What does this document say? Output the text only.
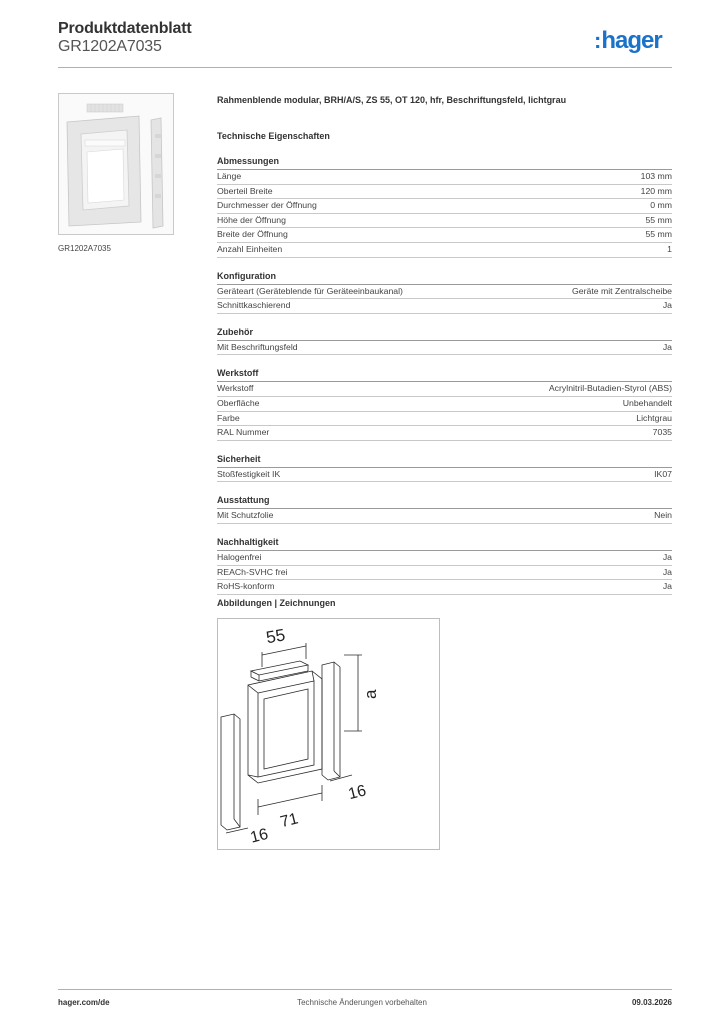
Produktdatenblatt
GR1202A7035	:hager
GR1202A7035
Rahmenblende modular, BRH/A/S, ZS 55, OT 120, hfr, Beschriftungsfeld, lichtgrau
Technische Eigenschaften
Abmessungen
Länge	103 mm
Oberteil Breite	120 mm
Durchmesser der Öffnung	0 mm
Höhe der Öffnung	55 mm
Breite der Öffnung	55 mm
Anzahl Einheiten	1
Konfiguration
Geräteart (Geräteblende für Geräteeinbaukanal)	Geräte mit Zentralscheibe
Schnittkaschierend	Ja
Zubehör
Mit Beschriftungsfeld	Ja
Werkstoff
Werkstoff	Acrylnitril-Butadien-Styrol (ABS)
Oberfläche	Unbehandelt
Farbe	Lichtgrau
RAL Nummer	7035
Sicherheit
Stoßfestigkeit IK	IK07
Ausstattung
Mit Schutzfolie	Nein
Nachhaltigkeit
Halogenfrei	Ja
REACh-SVHC frei	Ja
RoHS-konform	Ja
Abbildungen | Zeichnungen
55
a
16
71
16
hager.com/de	Technische Änderungen vorbehalten	09.03.2026
